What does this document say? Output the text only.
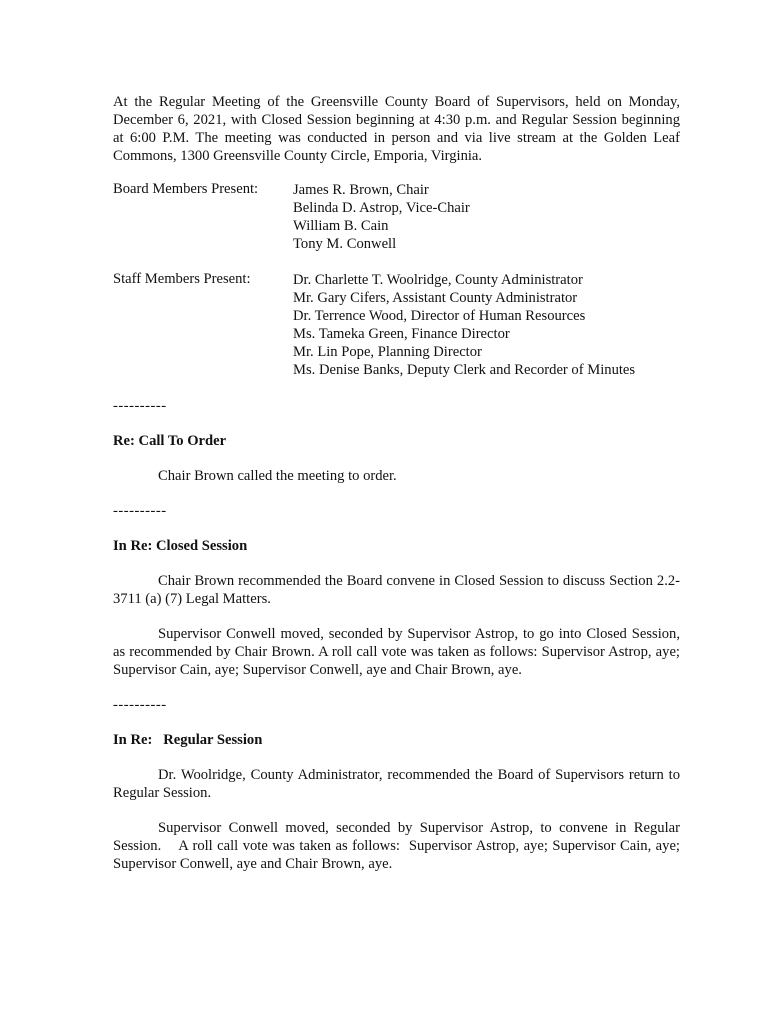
At the Regular Meeting of the Greensville County Board of Supervisors, held on Monday, December 6, 2021, with Closed Session beginning at 4:30 p.m. and Regular Session beginning at 6:00 P.M. The meeting was conducted in person and via live stream at the Golden Leaf Commons, 1300 Greensville County Circle, Emporia, Virginia.

Board Members Present:	James R. Brown, Chair
Belinda D. Astrop, Vice-Chair
William B. Cain
Tony M. Conwell
Staff Members Present:	Dr. Charlette T. Woolridge, County Administrator
Mr. Gary Cifers, Assistant County Administrator
Dr. Terrence Wood, Director of Human Resources
Ms. Tameka Green, Finance Director
Mr. Lin Pope, Planning Director
Ms. Denise Banks, Deputy Clerk and Recorder of Minutes

----------

Re: Call To Order

Chair Brown called the meeting to order.

----------

In Re: Closed Session

Chair Brown recommended the Board convene in Closed Session to discuss Section 2.2-3711 (a) (7) Legal Matters.

Supervisor Conwell moved, seconded by Supervisor Astrop, to go into Closed Session, as recommended by Chair Brown. A roll call vote was taken as follows: Supervisor Astrop, aye; Supervisor Cain, aye; Supervisor Conwell, aye and Chair Brown, aye.

----------

In Re:   Regular Session

Dr. Woolridge, County Administrator, recommended the Board of Supervisors return to Regular Session.

Supervisor Conwell moved, seconded by Supervisor Astrop, to convene in Regular Session.    A roll call vote was taken as follows:  Supervisor Astrop, aye; Supervisor Cain, aye; Supervisor Conwell, aye and Chair Brown, aye.
